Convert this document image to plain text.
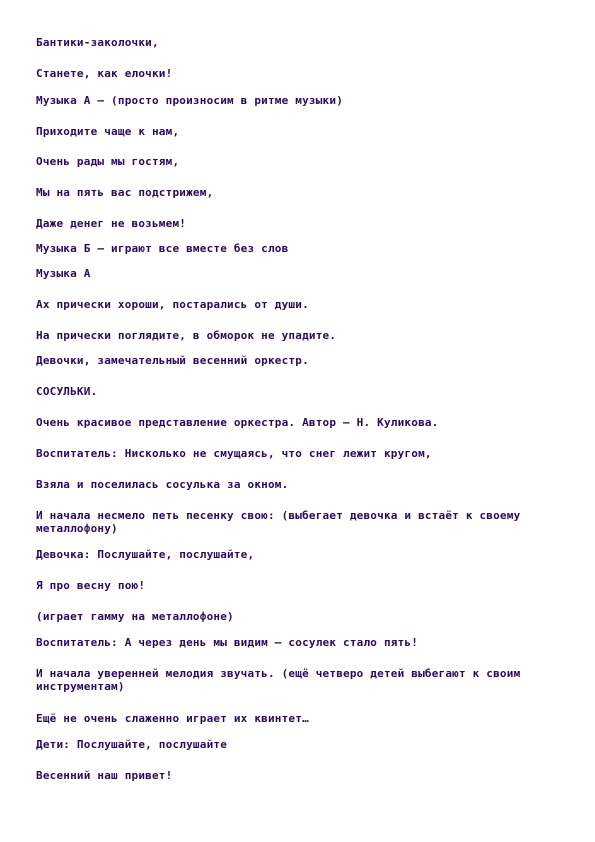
Бантики-заколочки,
Станете, как елочки!
Музыка А – (просто произносим в ритме музыки)
Приходите чаще к нам,
Очень рады мы гостям,
Мы на пять вас подстрижем,
Даже денег не возьмем!
Музыка Б – играют все вместе без слов
Музыка А
Ах прически хороши, постарались от души.
На прически поглядите, в обморок не упадите.
Девочки, замечательный весенний оркестр.
СОСУЛЬКИ.
Очень красивое представление оркестра. Автор – Н. Куликова.
Воспитатель: Нисколько не смущаясь, что снег лежит кругом,
Взяла и поселилась сосулька за окном.
И начала несмело петь песенку свою: (выбегает девочка и встаёт к своему металлофону)
Девочка: Послушайте, послушайте,
Я про весну пою!
(играет гамму на металлофоне)
Воспитатель: А через день мы видим – сосулек стало пять!
И начала уверенней мелодия звучать. (ещё четверо детей выбегают к своим инструментам)
Ещё не очень слаженно играет их квинтет…
Дети: Послушайте, послушайте
Весенний наш привет!
